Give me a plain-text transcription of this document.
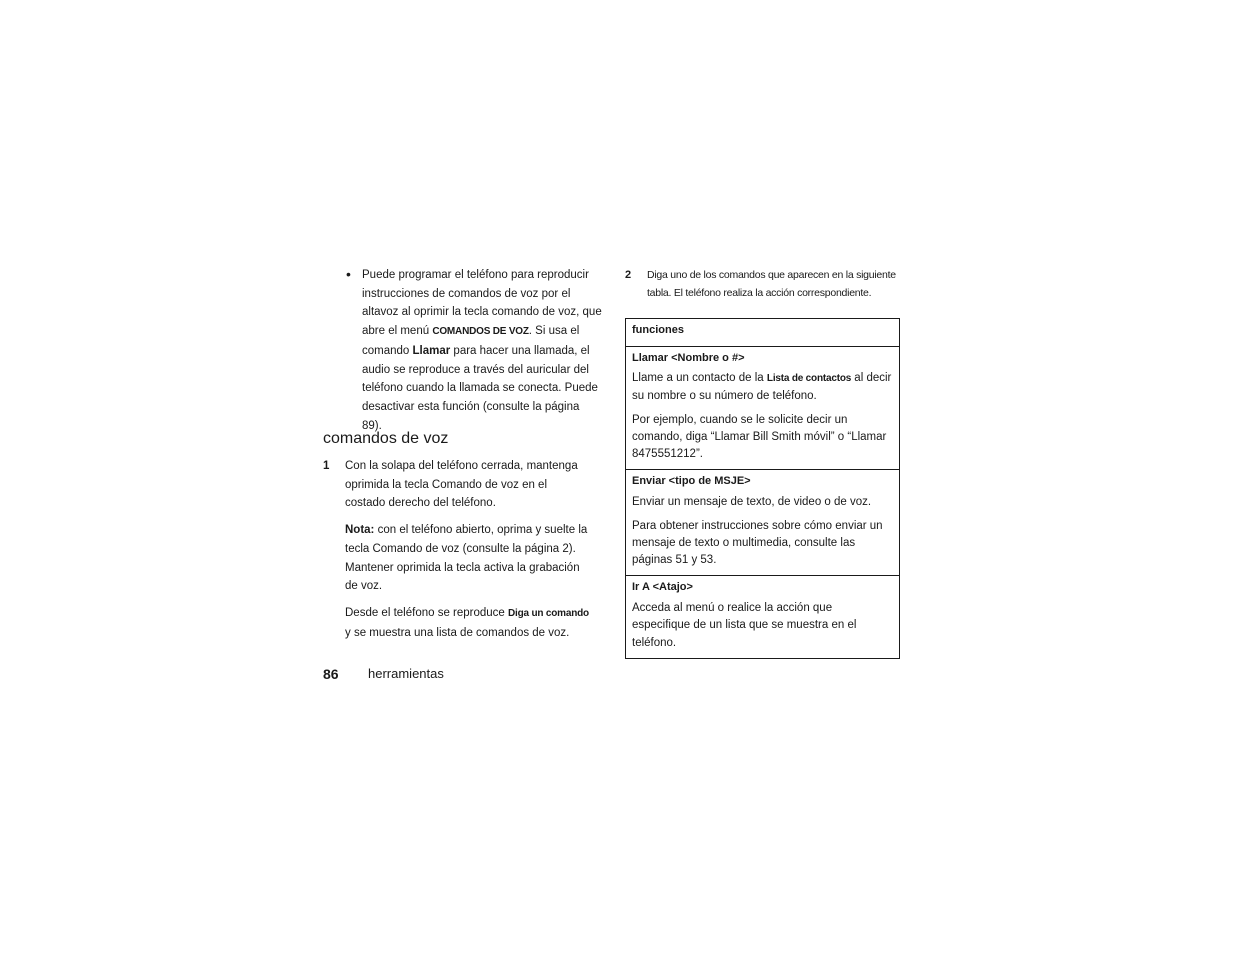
• Puede programar el teléfono para reproducir instrucciones de comandos de voz por el altavoz al oprimir la tecla comando de voz, que abre el menú COMANDOS DE VOZ. Si usa el comando Llamar para hacer una llamada, el audio se reproduce a través del auricular del teléfono cuando la llamada se conecta. Puede desactivar esta función (consulte la página 89).
comandos de voz
1 Con la solapa del teléfono cerrada, mantenga oprimida la tecla Comando de voz en el costado derecho del teléfono.

Nota: con el teléfono abierto, oprima y suelte la tecla Comando de voz (consulte la página 2). Mantener oprimida la tecla activa la grabación de voz.

Desde el teléfono se reproduce Diga un comando y se muestra una lista de comandos de voz.

2 Diga uno de los comandos que aparecen en la siguiente tabla. El teléfono realiza la acción correspondiente.
funciones

Llamar <Nombre o #>

Llame a un contacto de la Lista de contactos al decir su nombre o su número de teléfono.

Por ejemplo, cuando se le solicite decir un comando, diga “Llamar Bill Smith móvil” o “Llamar 8475551212”.

Enviar <tipo de MSJE>

Enviar un mensaje de texto, de video o de voz.

Para obtener instrucciones sobre cómo enviar un mensaje de texto o multimedia, consulte las páginas 51 y 53.

Ir A <Atajo>

Acceda al menú o realice la acción que especifique de un lista que se muestra en el teléfono.

86 herramientas
